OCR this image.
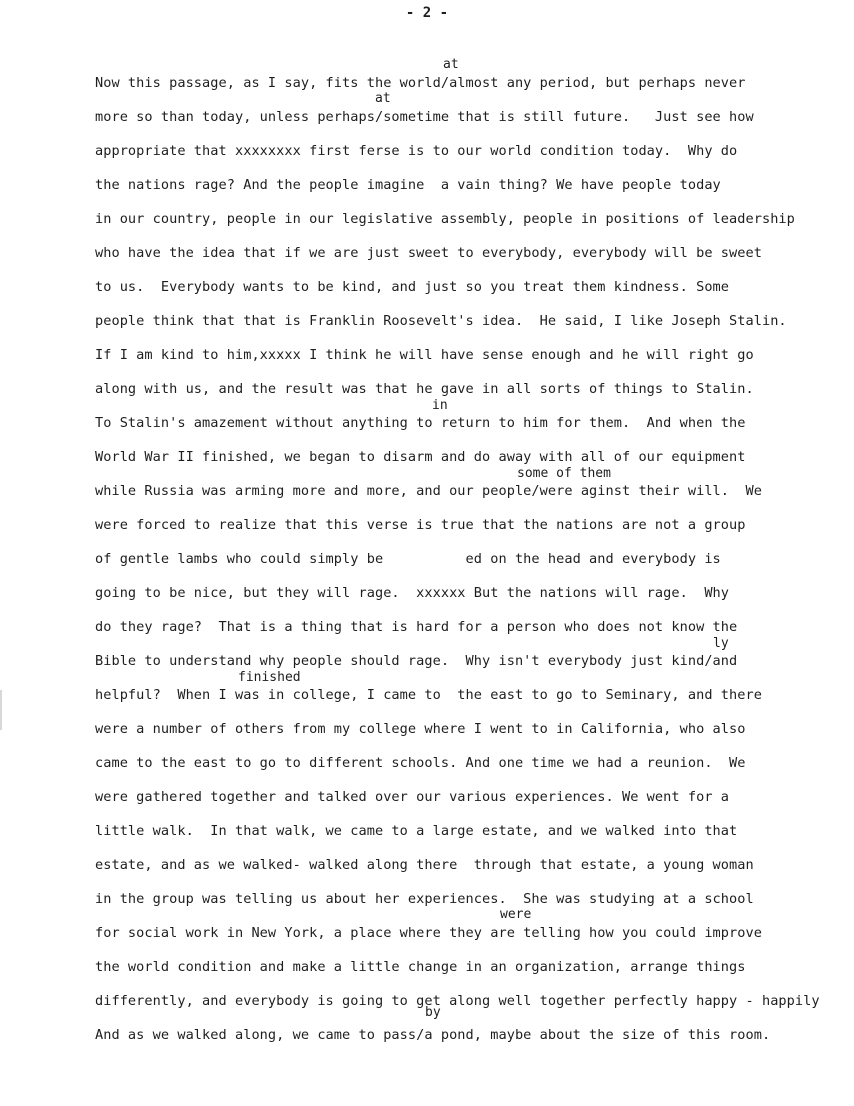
- 2 -
at
at
in
some of them
ly
finished
were
by
Now this passage, as I say, fits the world/almost any period, but perhaps never
more so than today, unless perhaps/sometime that is still future.   Just see how
appropriate that xxxxxxxx first ferse is to our world condition today.  Why do
the nations rage? And the people imagine  a vain thing? We have people today
in our country, people in our legislative assembly, people in positions of leadership
who have the idea that if we are just sweet to everybody, everybody will be sweet
to us.  Everybody wants to be kind, and just so you treat them kindness. Some
people think that that is Franklin Roosevelt's idea.  He said, I like Joseph Stalin.
If I am kind to him,xxxxx I think he will have sense enough and he will right go
along with us, and the result was that he gave in all sorts of things to Stalin.
To Stalin's amazement without anything to return to him for them.  And when the
World War II finished, we began to disarm and do away with all of our equipment
while Russia was arming more and more, and our people/were aginst their will.  We
were forced to realize that this verse is true that the nations are not a group
of gentle lambs who could simply be          ed on the head and everybody is
going to be nice, but they will rage.  xxxxxx But the nations will rage.  Why
do they rage?  That is a thing that is hard for a person who does not know the
Bible to understand why people should rage.  Why isn't everybody just kind/and
helpful?  When I was in college, I came to  the east to go to Seminary, and there
were a number of others from my college where I went to in California, who also
came to the east to go to different schools. And one time we had a reunion.  We
were gathered together and talked over our various experiences. We went for a
little walk.  In that walk, we came to a large estate, and we walked into that
estate, and as we walked- walked along there  through that estate, a young woman
in the group was telling us about her experiences.  She was studying at a school
for social work in New York, a place where they are telling how you could improve
the world condition and make a little change in an organization, arrange things
differently, and everybody is going to get along well together perfectly happy - happily
And as we walked along, we came to pass/a pond, maybe about the size of this room.
